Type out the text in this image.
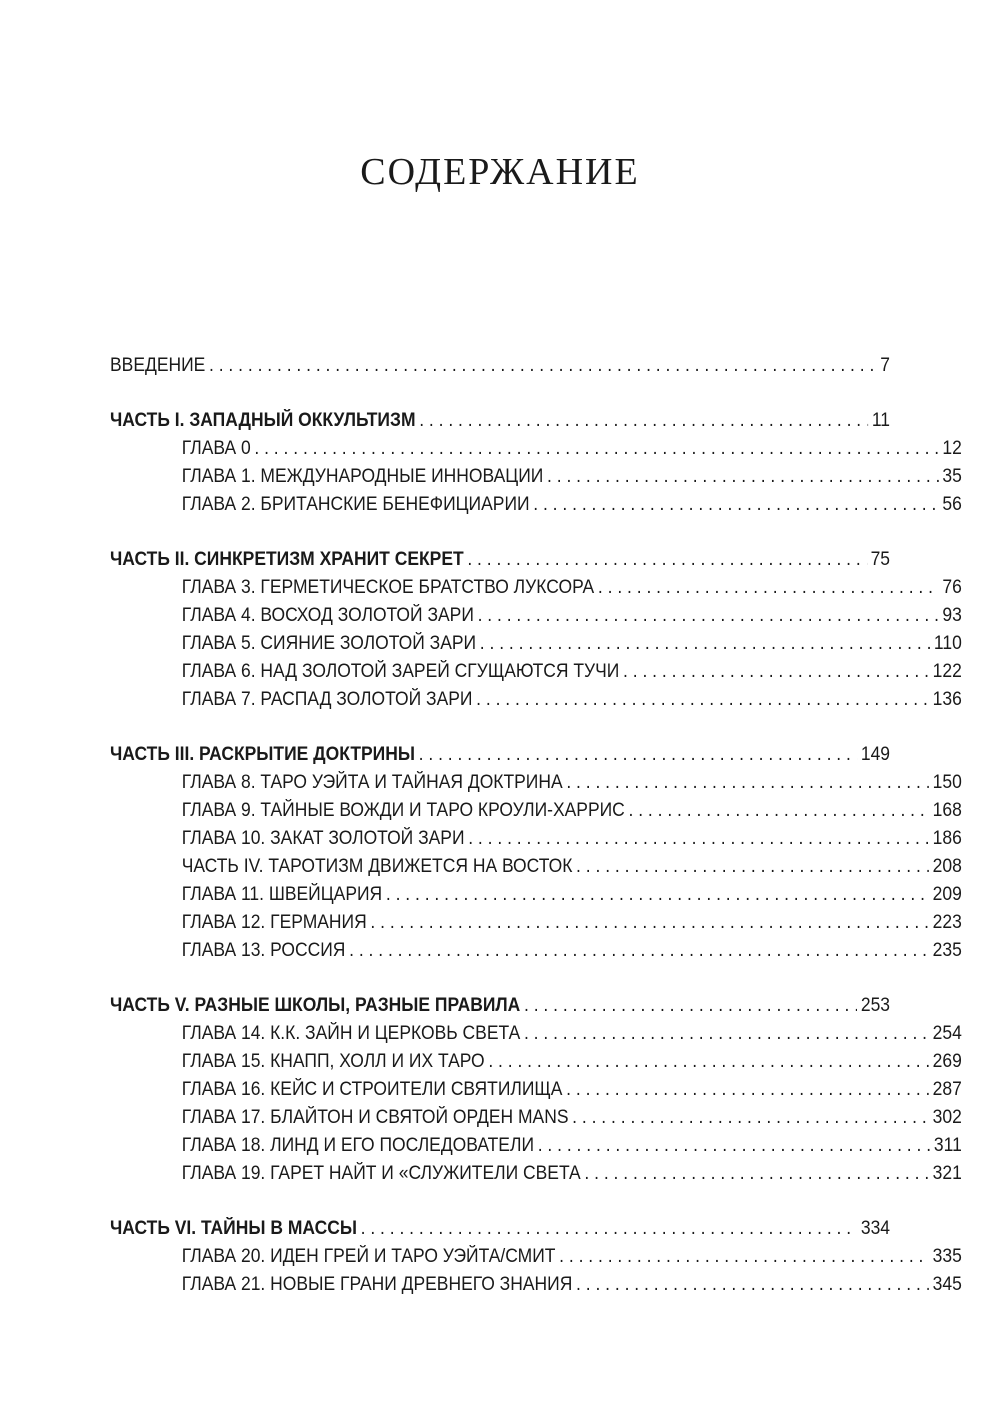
СОДЕРЖАНИЕ
ВВЕДЕНИЕ . . .	7
ЧАСТЬ I. ЗАПАДНЫЙ ОККУЛЬТИЗМ . . .	11
ГЛАВА 0 . . .	12
ГЛАВА 1. МЕЖДУНАРОДНЫЕ ИННОВАЦИИ . . .	35
ГЛАВА 2. БРИТАНСКИЕ БЕНЕФИЦИАРИИ . . .	56
ЧАСТЬ II. СИНКРЕТИЗМ ХРАНИТ СЕКРЕТ . . .	75
ГЛАВА 3. ГЕРМЕТИЧЕСКОЕ БРАТСТВО ЛУКСОРА . . .	76
ГЛАВА 4. ВОСХОД ЗОЛОТОЙ ЗАРИ . . .	93
ГЛАВА 5. СИЯНИЕ ЗОЛОТОЙ ЗАРИ . . .	110
ГЛАВА 6. НАД ЗОЛОТОЙ ЗАРЕЙ СГУЩАЮТСЯ ТУЧИ . . .	122
ГЛАВА 7. РАСПАД ЗОЛОТОЙ ЗАРИ . . .	136
ЧАСТЬ III. РАСКРЫТИЕ ДОКТРИНЫ . . .	149
ГЛАВА 8. ТАРО УЭЙТА И ТАЙНАЯ ДОКТРИНА . . .	150
ГЛАВА 9. ТАЙНЫЕ ВОЖДИ И ТАРО КРОУЛИ-ХАРРИС . . .	168
ГЛАВА 10. ЗАКАТ ЗОЛОТОЙ ЗАРИ . . .	186
ЧАСТЬ IV. ТАРОТИЗМ ДВИЖЕТСЯ НА ВОСТОК . . .	208
ГЛАВА 11. ШВЕЙЦАРИЯ . . .	209
ГЛАВА 12. ГЕРМАНИЯ . . .	223
ГЛАВА 13. РОССИЯ . . .	235
ЧАСТЬ V. РАЗНЫЕ ШКОЛЫ, РАЗНЫЕ ПРАВИЛА . . .	253
ГЛАВА 14. К.К. ЗАЙН И ЦЕРКОВЬ СВЕТА . . .	254
ГЛАВА 15. КНАПП, ХОЛЛ И ИХ ТАРО . . .	269
ГЛАВА 16. КЕЙС И СТРОИТЕЛИ СВЯТИЛИЩА . . .	287
ГЛАВА 17. БЛАЙТОН И СВЯТОЙ ОРДЕН MANS . . .	302
ГЛАВА 18. ЛИНД И ЕГО ПОСЛЕДОВАТЕЛИ . . .	311
ГЛАВА 19. ГАРЕТ НАЙТ И «СЛУЖИТЕЛИ СВЕТА . . .	321
ЧАСТЬ VI. ТАЙНЫ В МАССЫ . . .	334
ГЛАВА 20. ИДЕН ГРЕЙ И ТАРО УЭЙТА/СМИТ . . .	335
ГЛАВА 21. НОВЫЕ ГРАНИ ДРЕВНЕГО ЗНАНИЯ . . .	345
